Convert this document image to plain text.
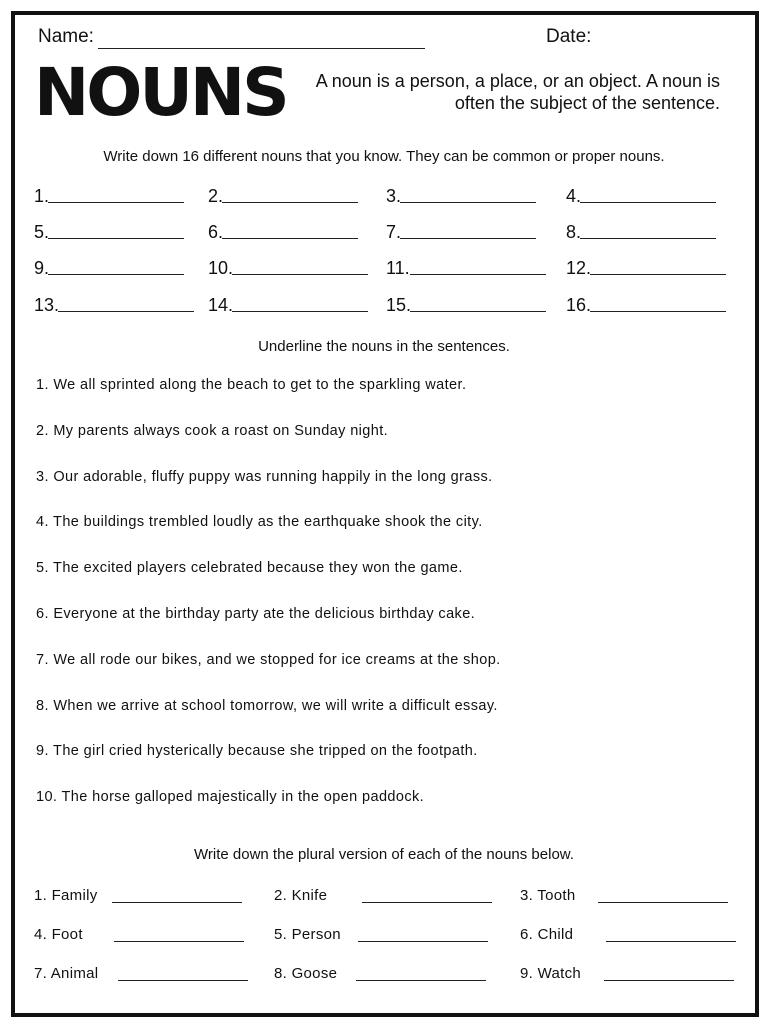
Name:	Date:
NOUNS	A noun is a person, a place, or an object. A noun is often the subject of the sentence.
Write down 16 different nouns that you know. They can be common or proper nouns.
1.	2.	3.	4.
5.	6.	7.	8.
9.	10.	11.	12.
13.	14.	15.	16.
Underline the nouns in the sentences.
1. We all sprinted along the beach to get to the sparkling water.
2. My parents always cook a roast on Sunday night.
3. Our adorable, fluffy puppy was running happily in the long grass.
4. The buildings trembled loudly as the earthquake shook the city.
5. The excited players celebrated because they won the game.
6. Everyone at the birthday party ate the delicious birthday cake.
7. We all rode our bikes, and we stopped for ice creams at the shop.
8. When we arrive at school tomorrow, we will write a difficult essay.
9. The girl cried hysterically because she tripped on the footpath.
10. The horse galloped majestically in the open paddock.
Write down the plural version of each of the nouns below.
1. Family	2. Knife	3. Tooth
4. Foot	5. Person	6. Child
7. Animal	8. Goose	9. Watch
